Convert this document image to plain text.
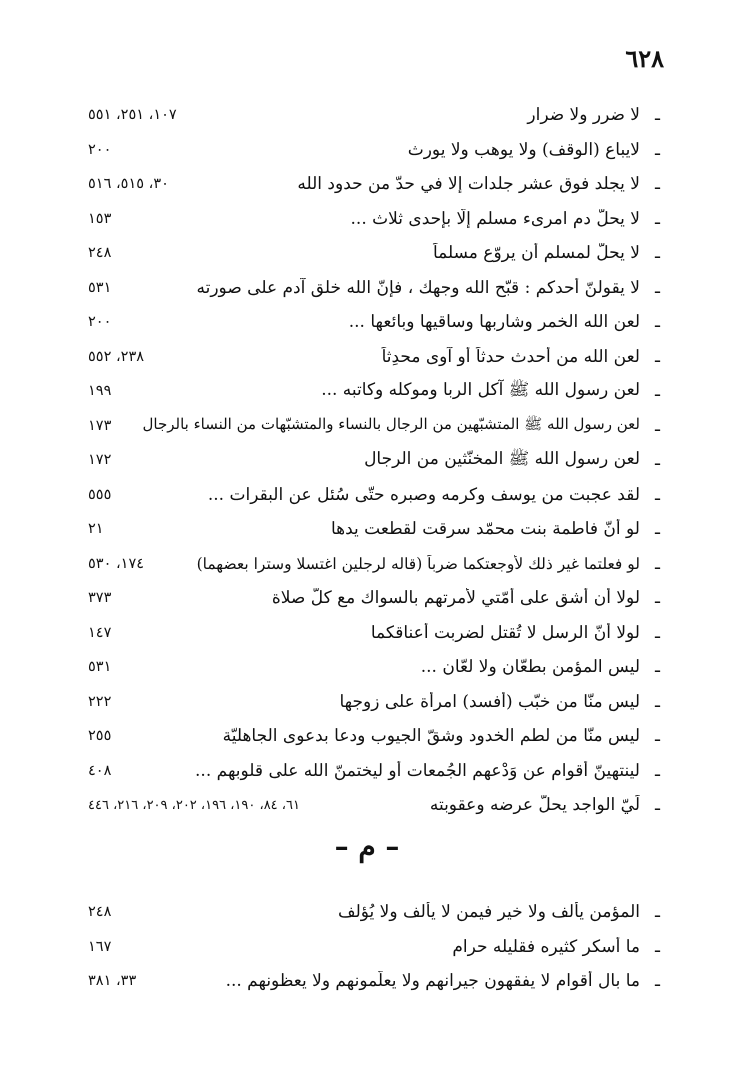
٦٢٨
ـ
لا ضرر ولا ضرار
١٠٧، ٢٥١، ٥٥١
ـ
لايباع (الوقف) ولا يوهب ولا يورث
٢٠٠
ـ
لا يجلد فوق عشر جلدات إلا في حدّ من حدود الله
٣٠، ٥١٥، ٥١٦
ـ
لا يحلّ دم امرىء مسلم إلّا بإحدى ثلاث ...
١٥٣
ـ
لا يحلّ لمسلم أن يروّع مسلماً
٢٤٨
ـ
لا يقولنّ أحدكم : قبّح الله وجهك ، فإنّ الله خلق آدم على صورته
٥٣١
ـ
لعن الله الخمر وشاربها وساقيها وبائعها ...
٢٠٠
ـ
لعن الله من أحدث حدثاً أو آوى محدِثاً
٢٣٨، ٥٥٢
ـ
لعن رسول الله ﷺ آكل الربا وموكله وكاتبه ...
١٩٩
ـ
لعن رسول الله ﷺ المتشبّهين من الرجال بالنساء والمتشبّهات من النساء بالرجال
١٧٣
ـ
لعن رسول الله ﷺ المخنّثين من الرجال
١٧٢
ـ
لقد عجبت من يوسف وكرمه وصبره حتّى سُئل عن البقرات ...
٥٥٥
ـ
لو أنّ فاطمة بنت محمّد سرقت لقطعت يدها
٢١
ـ
لو فعلتما غير ذلك لأوجعتكما ضرباً (قاله لرجلين اغتسلا وسترا بعضهما)
١٧٤، ٥٣٠
ـ
لولا أن أشق على أمّتي لأمرتهم بالسواك مع كلّ صلاة
٣٧٣
ـ
لولا أنّ الرسل لا تُقتل لضربت أعناقكما
١٤٧
ـ
ليس المؤمن بطعّان ولا لعّان ...
٥٣١
ـ
ليس منّا من خبّب (أفسد) امرأة على زوجها
٢٢٢
ـ
ليس منّا من لطم الخدود وشقّ الجيوب ودعا بدعوى الجاهليّة
٢٥٥
ـ
لينتهينّ أقوام عن وَدْعهم الجُمعات أو ليختمنّ الله على قلوبهم ...
٤٠٨
ـ
لَيّ الواجد يحلّ عرضه وعقوبته
٦١، ٨٤، ١٩٠، ١٩٦، ٢٠٢، ٢٠٩، ٢١٦، ٤٤٦
– م –
ـ
المؤمن يألف ولا خير فيمن لا يألف ولا يُؤلف
٢٤٨
ـ
ما أسكر كثيره فقليله حرام
١٦٧
ـ
ما بال أقوام لا يفقهون جيرانهم ولا يعلّمونهم ولا يعظونهم ...
٣٣، ٣٨١
